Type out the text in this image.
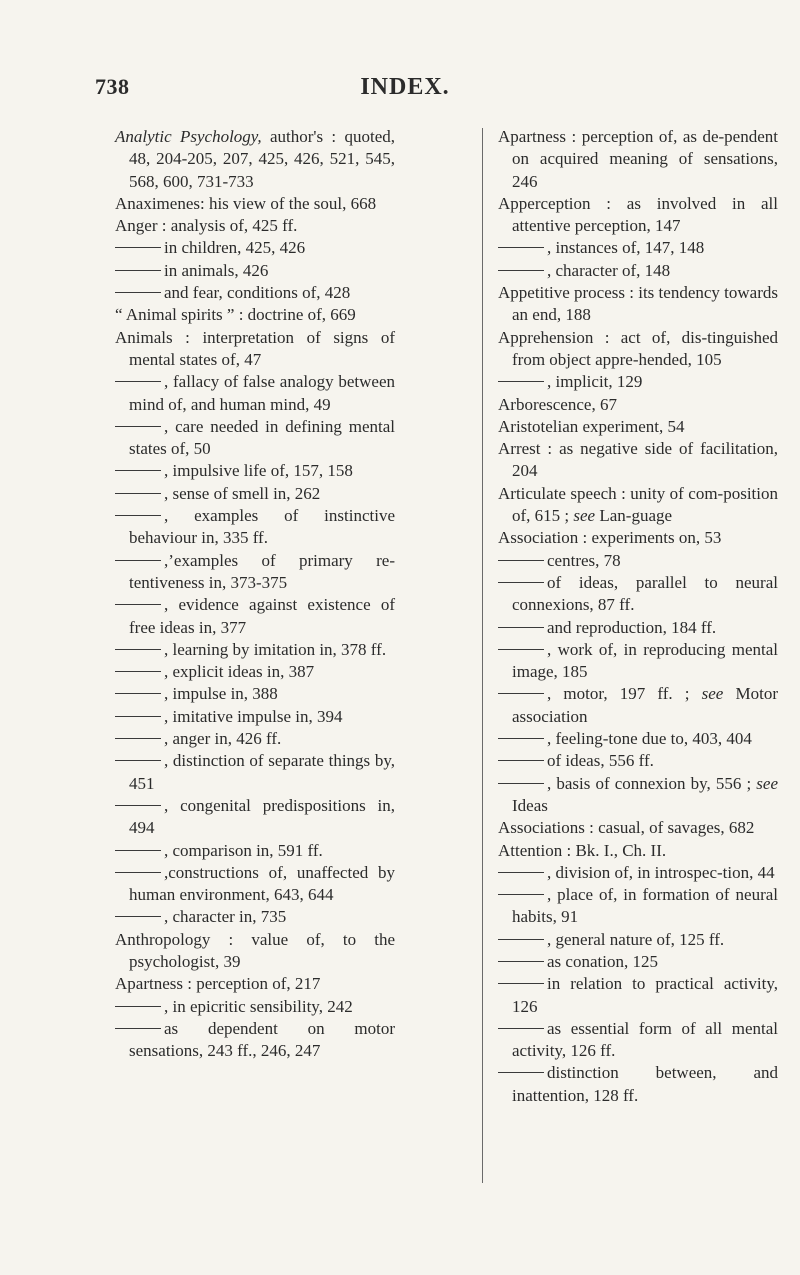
738	INDEX.

Analytic Psychology, author's : quoted, 48, 204-205, 207, 425, 426, 521, 545, 568, 600, 731-733

Anaximenes: his view of the soul, 668

Anger : analysis of, 425 ff.

in children, 425, 426

in animals, 426

and fear, conditions of, 428

“ Animal spirits ” : doctrine of, 669

Animals : interpretation of signs of mental states of, 47

, fallacy of false analogy between mind of, and human mind, 49

, care needed in defining mental states of, 50

, impulsive life of, 157, 158

, sense of smell in, 262

, examples of instinctive behaviour in, 335 ff.

,’examples of primary re-tentiveness in, 373-375

, evidence against existence of free ideas in, 377

, learning by imitation in, 378 ff.

, explicit ideas in, 387

, impulse in, 388

, imitative impulse in, 394

, anger in, 426 ff.

, distinction of separate things by, 451

, congenital predispositions in, 494

, comparison in, 591 ff.

,constructions of, unaffected by human environment, 643, 644

, character in, 735

Anthropology : value of, to the psychologist, 39

Apartness : perception of, 217

, in epicritic sensibility, 242

as dependent on motor sensations, 243 ff., 246, 247

Apartness : perception of, as de-pendent on acquired meaning of sensations, 246

Apperception : as involved in all attentive perception, 147

, instances of, 147, 148

, character of, 148

Appetitive process : its tendency towards an end, 188

Apprehension : act of, dis-tinguished from object appre-hended, 105

, implicit, 129

Arborescence, 67

Aristotelian experiment, 54

Arrest : as negative side of facilitation, 204

Articulate speech : unity of com-position of, 615 ; see Lan-guage

Association : experiments on, 53

centres, 78

of ideas, parallel to neural connexions, 87 ff.

and reproduction, 184 ff.

, work of, in reproducing mental image, 185

, motor, 197 ff. ; see Motor association

, feeling-tone due to, 403, 404

of ideas, 556 ff.

, basis of connexion by, 556 ; see Ideas

Associations : casual, of savages, 682

Attention : Bk. I., Ch. II.

, division of, in introspec-tion, 44

, place of, in formation of neural habits, 91

, general nature of, 125 ff.

as conation, 125

in relation to practical activity, 126

as essential form of all mental activity, 126 ff.

distinction between, and inattention, 128 ff.
